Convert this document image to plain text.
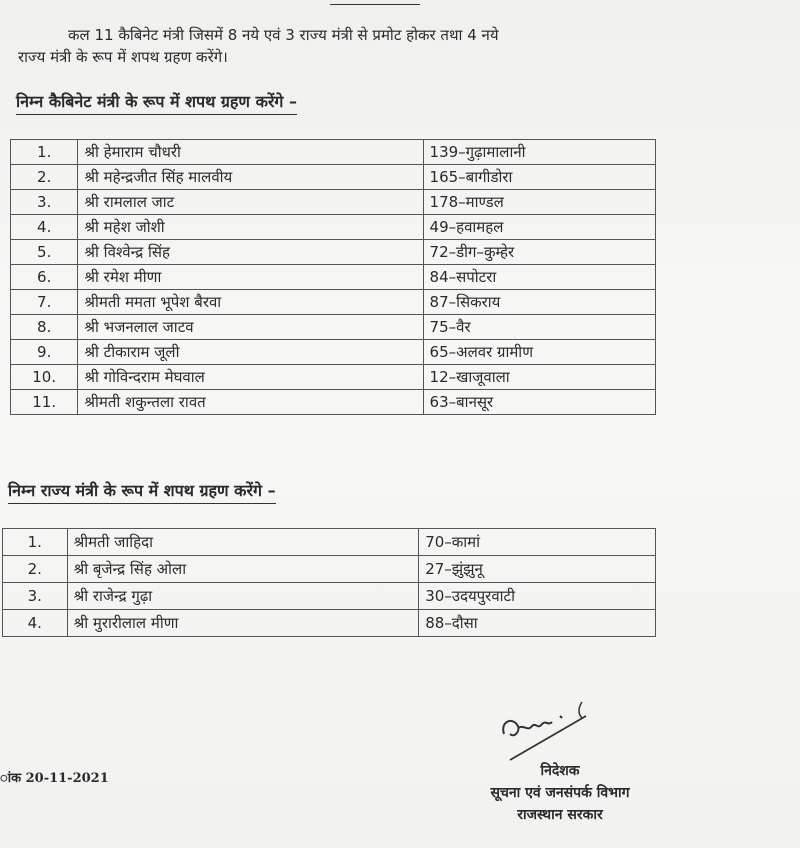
कल 11 कैबिनेट मंत्री जिसमें 8 नये एवं 3 राज्य मंत्री से प्रमोट होकर तथा 4 नये
राज्य मंत्री के रूप में शपथ ग्रहण करेंगे।
निम्न कैबिनेट मंत्री के रूप में शपथ ग्रहण करेंगे –
1.	श्री हेमाराम चौधरी	139–गुढ़ामालानी
2.	श्री महेन्द्रजीत सिंह मालवीय	165–बागीडोरा
3.	श्री रामलाल जाट	178–माण्डल
4.	श्री महेश जोशी	49–हवामहल
5.	श्री विश्वेन्द्र सिंह	72–डीग–कुम्हेर
6.	श्री रमेश मीणा	84–सपोटरा
7.	श्रीमती ममता भूपेश बैरवा	87–सिकराय
8.	श्री भजनलाल जाटव	75–वैर
9.	श्री टीकाराम जूली	65–अलवर ग्रामीण
10.	श्री गोविन्दराम मेघवाल	12–खाजूवाला
11.	श्रीमती शकुन्तला रावत	63–बानसूर
निम्न राज्य मंत्री के रूप में शपथ ग्रहण करेंगे –
1.	श्रीमती जाहिदा	70–कामां
2.	श्री बृजेन्द्र सिंह ओला	27–झुंझुनू
3.	श्री राजेन्द्र गुढ़ा	30–उदयपुरवाटी
4.	श्री मुरारीलाल मीणा	88–दौसा
ांक 20-11-2021	निदेशक
सूचना एवं जनसंपर्क विभाग
राजस्थान सरकार
